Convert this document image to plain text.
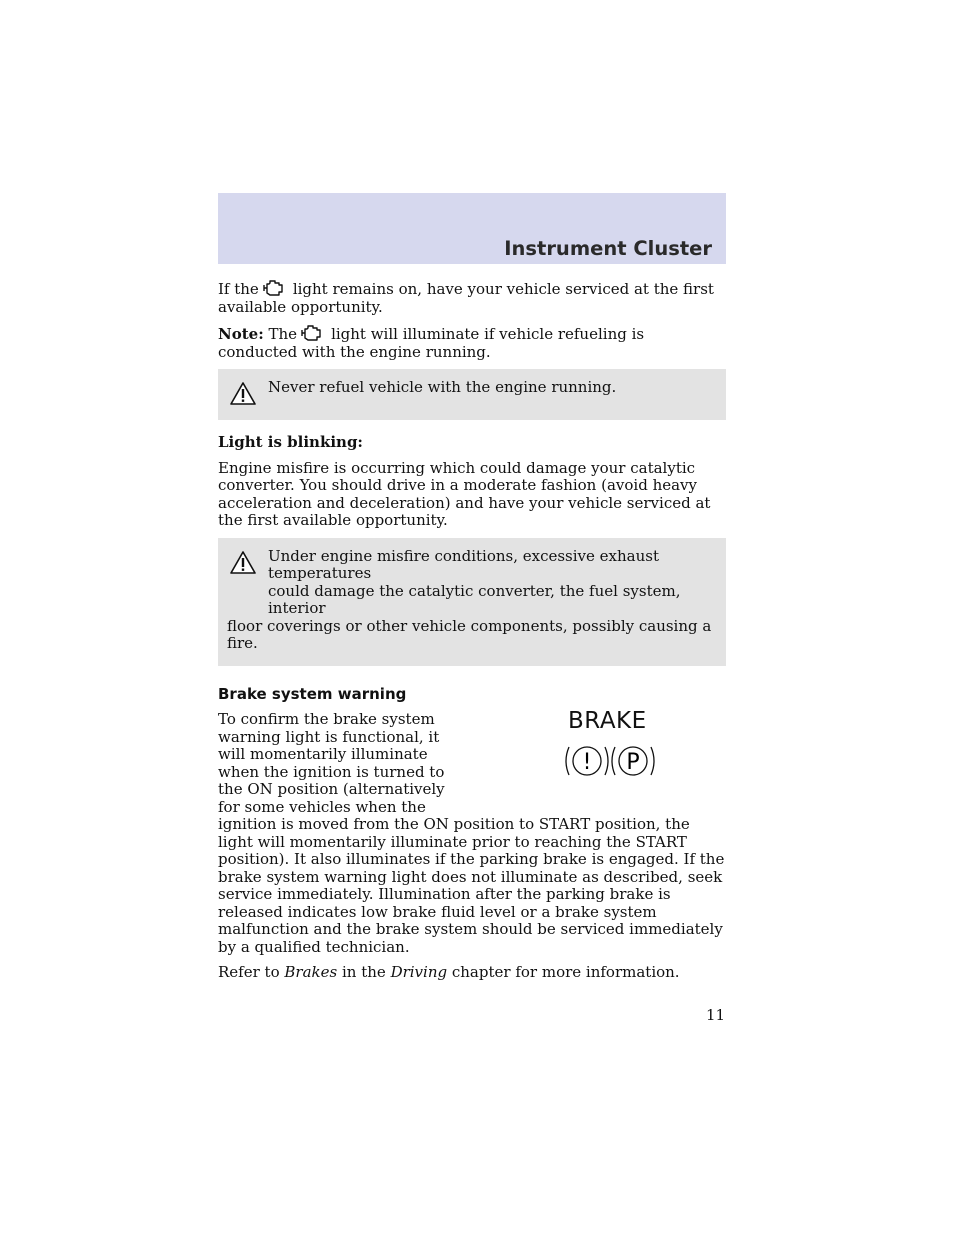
Instrument Cluster

If the light remains on, have your vehicle serviced at the first available opportunity.

Note: The light will illuminate if vehicle refueling is conducted with the engine running.

Never refuel vehicle with the engine running.
Light is blinking:

Engine misfire is occurring which could damage your catalytic converter. You should drive in a moderate fashion (avoid heavy acceleration and deceleration) and have your vehicle serviced at the first available opportunity.

Under engine misfire conditions, excessive exhaust temperatures
could damage the catalytic converter, the fuel system, interior
floor coverings or other vehicle components, possibly causing a fire.
Brake system warning
BRAKE
! P

To confirm the brake system warning light is functional, it will momentarily illuminate when the ignition is turned to the ON position (alternatively for some vehicles when the ignition is moved from the ON position to START position, the light will momentarily illuminate prior to reaching the START position). It also illuminates if the parking brake is engaged. If the brake system warning light does not illuminate as described, seek service immediately. Illumination after the parking brake is released indicates low brake fluid level or a brake system malfunction and the brake system should be serviced immediately by a qualified technician.

Refer to Brakes in the Driving chapter for more information.

11
